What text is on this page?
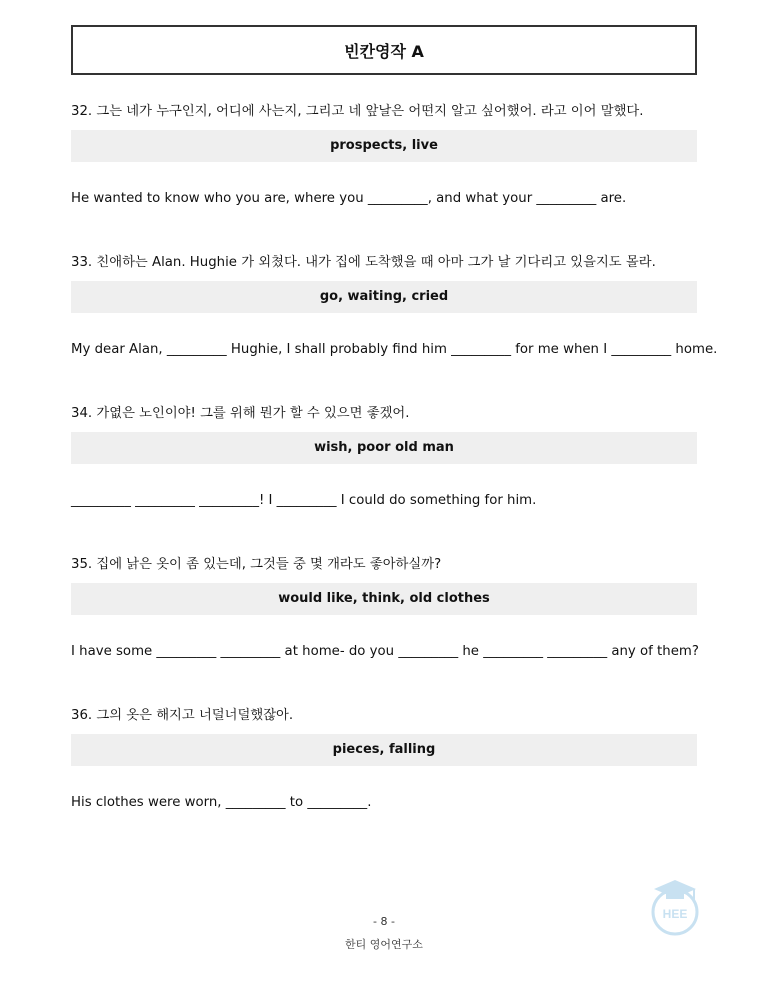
빈칸영작 A
32. 그는 네가 누구인지, 어디에 사는지, 그리고 네 앞날은 어떤지 알고 싶어했어. 라고 이어 말했다.
prospects, live
He wanted to know who you are, where you _________, and what your _________ are.
33. 친애하는 Alan. Hughie 가 외쳤다. 내가 집에 도착했을 때 아마 그가 날 기다리고 있을지도 몰라.
go, waiting, cried
My dear Alan, _________ Hughie, I shall probably find him _________ for me when I _________ home.
34. 가엾은 노인이야! 그를 위해 뭔가 할 수 있으면 좋겠어.
wish, poor old man
_________ _________ _________! I _________ I could do something for him.
35. 집에 낡은 옷이 좀 있는데, 그것들 중 몇 개라도 좋아하실까?
would like, think, old clothes
I have some _________ _________ at home- do you _________ he _________ _________ any of them?
36. 그의 옷은 해지고 너덜너덜했잖아.
pieces, falling
His clothes were worn, _________ to _________.
- 8 -
한티 영어연구소
HEE
